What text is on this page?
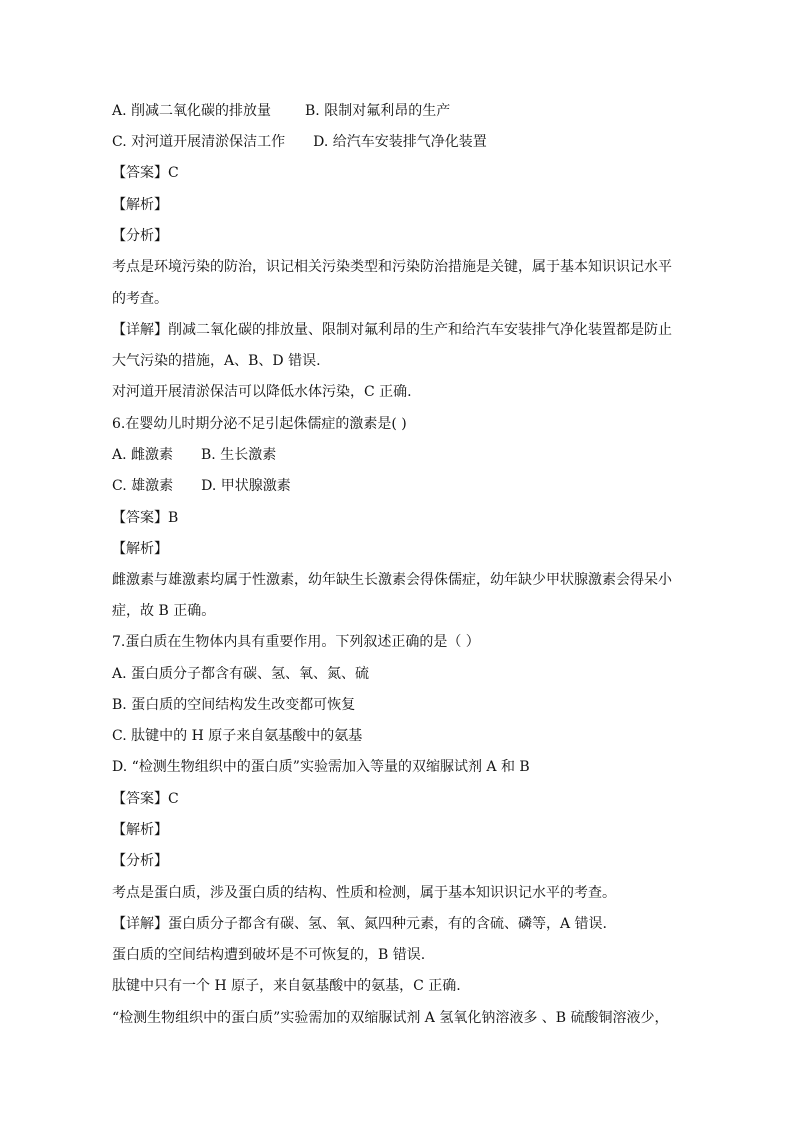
A. 削减二氧化碳的排放量 B. 限制对氟利昂的生产
C. 对河道开展清淤保洁工作 D. 给汽车安装排气净化装置
【答案】C
【解析】
【分析】
考点是环境污染的防治，识记相关污染类型和污染防治措施是关键，属于基本知识识记水平
的考查。
【详解】削减二氧化碳的排放量、限制对氟利昂的生产和给汽车安装排气净化装置都是防止
大气污染的措施，A、B、D 错误.
对河道开展清淤保洁可以降低水体污染，C 正确.
6.在婴幼儿时期分泌不足引起侏儒症的激素是( )
A. 雌激素 B. 生长激素
C. 雄激素 D. 甲状腺激素
【答案】B
【解析】
雌激素与雄激素均属于性激素，幼年缺生长激素会得侏儒症，幼年缺少甲状腺激素会得呆小
症，故 B 正确。
7.蛋白质在生物体内具有重要作用。下列叙述正确的是（ ）
A. 蛋白质分子都含有碳、氢、氧、氮、硫
B. 蛋白质的空间结构发生改变都可恢复
C. 肽键中的 H 原子来自氨基酸中的氨基
D. “检测生物组织中的蛋白质”实验需加入等量的双缩脲试剂 A 和 B
【答案】C
【解析】
【分析】
考点是蛋白质，涉及蛋白质的结构、性质和检测，属于基本知识识记水平的考查。
【详解】蛋白质分子都含有碳、氢、氧、氮四种元素，有的含硫、磷等，A 错误.
蛋白质的空间结构遭到破坏是不可恢复的，B 错误.
肽键中只有一个 H 原子，来自氨基酸中的氨基，C 正确.
“检测生物组织中的蛋白质”实验需加的双缩脲试剂 A 氢氧化钠溶液多 、B 硫酸铜溶液少，
